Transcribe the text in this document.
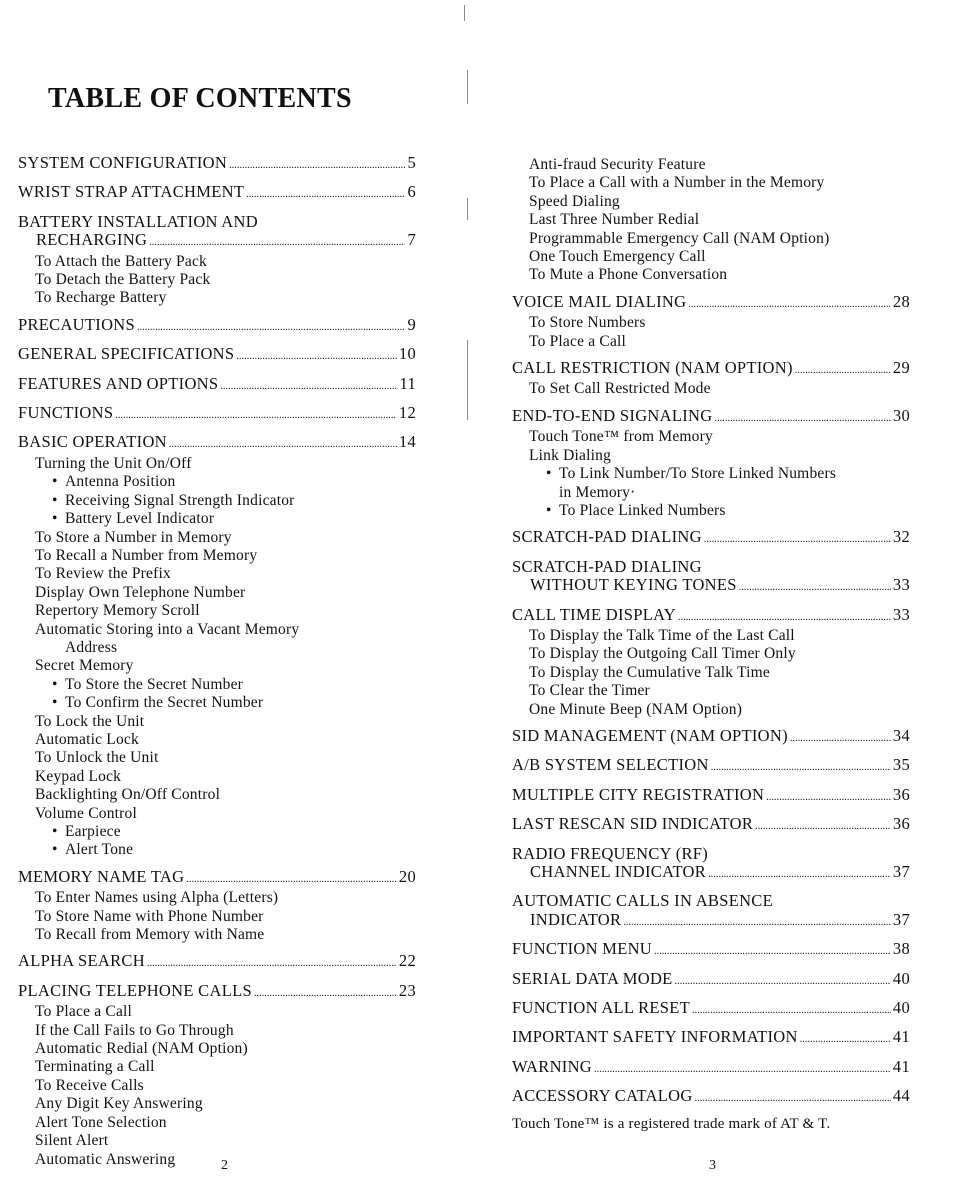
TABLE OF CONTENTS
SYSTEM CONFIGURATION . . .	5
WRIST STRAP ATTACHMENT . . .	6
BATTERY INSTALLATION AND
RECHARGING . . .	7
To Attach the Battery Pack
To Detach the Battery Pack
To Recharge Battery
PRECAUTIONS . . .	9
GENERAL SPECIFICATIONS . . .	10
FEATURES AND OPTIONS . . .	11
FUNCTIONS . . .	12
BASIC OPERATION . . .	14
Turning the Unit On/Off
• Antenna Position
• Receiving Signal Strength Indicator
• Battery Level Indicator
To Store a Number in Memory
To Recall a Number from Memory
To Review the Prefix
Display Own Telephone Number
Repertory Memory Scroll
Automatic Storing into a Vacant Memory
Address
Secret Memory
• To Store the Secret Number
• To Confirm the Secret Number
To Lock the Unit
Automatic Lock
To Unlock the Unit
Keypad Lock
Backlighting On/Off Control
Volume Control
• Earpiece
• Alert Tone
MEMORY NAME TAG . . .	20
To Enter Names using Alpha (Letters)
To Store Name with Phone Number
To Recall from Memory with Name
ALPHA SEARCH . . .	22
PLACING TELEPHONE CALLS . . .	23
To Place a Call
If the Call Fails to Go Through
Automatic Redial (NAM Option)
Terminating a Call
To Receive Calls
Any Digit Key Answering
Alert Tone Selection
Silent Alert
Automatic Answering	2
Anti-fraud Security Feature
To Place a Call with a Number in the Memory
Speed Dialing
Last Three Number Redial
Programmable Emergency Call (NAM Option)
One Touch Emergency Call
To Mute a Phone Conversation
VOICE MAIL DIALING . . .	28
To Store Numbers
To Place a Call
CALL RESTRICTION (NAM OPTION) . . .	29
To Set Call Restricted Mode
END-TO-END SIGNALING . . .	30
Touch Tone™ from Memory
Link Dialing
• To Link Number/To Store Linked Numbers
in Memory·
• To Place Linked Numbers
SCRATCH-PAD DIALING . . .	32
SCRATCH-PAD DIALING
WITHOUT KEYING TONES . . .	33
CALL TIME DISPLAY . . .	33
To Display the Talk Time of the Last Call
To Display the Outgoing Call Timer Only
To Display the Cumulative Talk Time
To Clear the Timer
One Minute Beep (NAM Option)
SID MANAGEMENT (NAM OPTION) . . .	34
A/B SYSTEM SELECTION . . .	35
MULTIPLE CITY REGISTRATION . . .	36
LAST RESCAN SID INDICATOR . . .	36
RADIO FREQUENCY (RF)
CHANNEL INDICATOR . . .	37
AUTOMATIC CALLS IN ABSENCE
INDICATOR . . .	37
FUNCTION MENU . . .	38
SERIAL DATA MODE . . .	40
FUNCTION ALL RESET . . .	40
IMPORTANT SAFETY INFORMATION . . .	41
WARNING . . .	41
ACCESSORY CATALOG . . .	44
Touch Tone™ is a registered trade mark of AT & T.
3
